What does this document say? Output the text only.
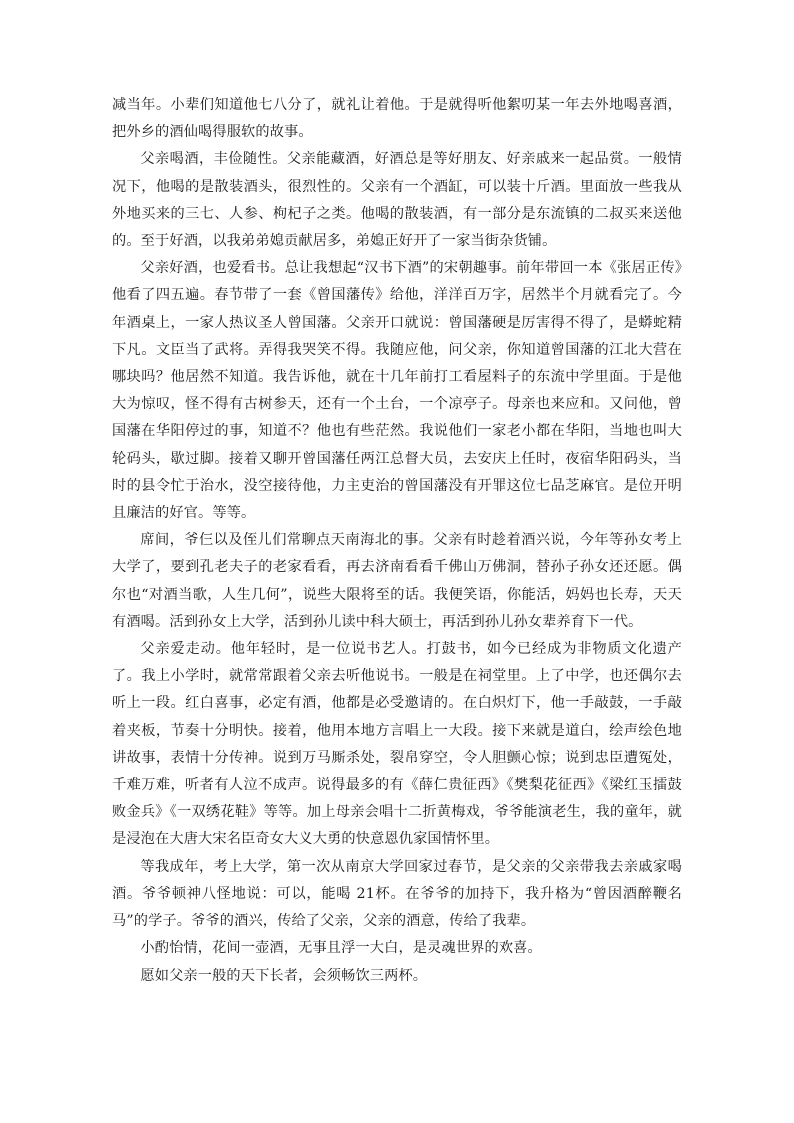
减当年。小辈们知道他七八分了，就礼让着他。于是就得听他絮叨某一年去外地喝喜酒，把外乡的酒仙喝得服软的故事。

父亲喝酒，丰俭随性。父亲能藏酒，好酒总是等好朋友、好亲戚来一起品赏。一般情况下，他喝的是散装酒头，很烈性的。父亲有一个酒缸，可以装十斤酒。里面放一些我从外地买来的三七、人参、枸杞子之类。他喝的散装酒，有一部分是东流镇的二叔买来送他的。至于好酒，以我弟弟媳贡献居多，弟媳正好开了一家当街杂货铺。

父亲好酒，也爱看书。总让我想起“汉书下酒”的宋朝趣事。前年带回一本《张居正传》他看了四五遍。春节带了一套《曾国藩传》给他，洋洋百万字，居然半个月就看完了。今年酒桌上，一家人热议圣人曾国藩。父亲开口就说：曾国藩硬是厉害得不得了，是蟒蛇精下凡。文臣当了武将。弄得我哭笑不得。我随应他，问父亲，你知道曾国藩的江北大营在哪块吗？他居然不知道。我告诉他，就在十几年前打工看屋料子的东流中学里面。于是他大为惊叹，怪不得有古树参天，还有一个土台，一个凉亭子。母亲也来应和。又问他，曾国藩在华阳停过的事，知道不？他也有些茫然。我说他们一家老小都在华阳，当地也叫大轮码头，歇过脚。接着又聊开曾国藩任两江总督大员，去安庆上任时，夜宿华阳码头，当时的县令忙于治水，没空接待他，力主吏治的曾国藩没有开罪这位七品芝麻官。是位开明且廉洁的好官。等等。

席间，爷仨以及侄儿们常聊点天南海北的事。父亲有时趁着酒兴说，今年等孙女考上大学了，要到孔老夫子的老家看看，再去济南看看千佛山万佛洞，替孙子孙女还还愿。偶尔也“对酒当歌，人生几何”，说些大限将至的话。我便笑语，你能活，妈妈也长寿，天天有酒喝。活到孙女上大学，活到孙儿读中科大硕士，再活到孙儿孙女辈养育下一代。

父亲爱走动。他年轻时，是一位说书艺人。打鼓书，如今已经成为非物质文化遗产了。我上小学时，就常常跟着父亲去听他说书。一般是在祠堂里。上了中学，也还偶尔去听上一段。红白喜事，必定有酒，他都是必受邀请的。在白炽灯下，他一手敲鼓，一手敲着夹板，节奏十分明快。接着，他用本地方言唱上一大段。接下来就是道白，绘声绘色地讲故事，表情十分传神。说到万马厮杀处，裂帛穿空，令人胆颤心惊；说到忠臣遭冤处，千难万难，听者有人泣不成声。说得最多的有《薛仁贵征西》《樊梨花征西》《梁红玉擂鼓败金兵》《一双绣花鞋》等等。加上母亲会唱十二折黄梅戏，爷爷能演老生，我的童年，就是浸泡在大唐大宋名臣奇女大义大勇的快意恩仇家国情怀里。

等我成年，考上大学，第一次从南京大学回家过春节，是父亲的父亲带我去亲戚家喝酒。爷爷顿神八怪地说：可以，能喝 21杯。在爷爷的加持下，我升格为“曾因酒醉鞭名马”的学子。爷爷的酒兴，传给了父亲，父亲的酒意，传给了我辈。

小酌怡情，花间一壶酒，无事且浮一大白，是灵魂世界的欢喜。

愿如父亲一般的天下长者，会须畅饮三两杯。
